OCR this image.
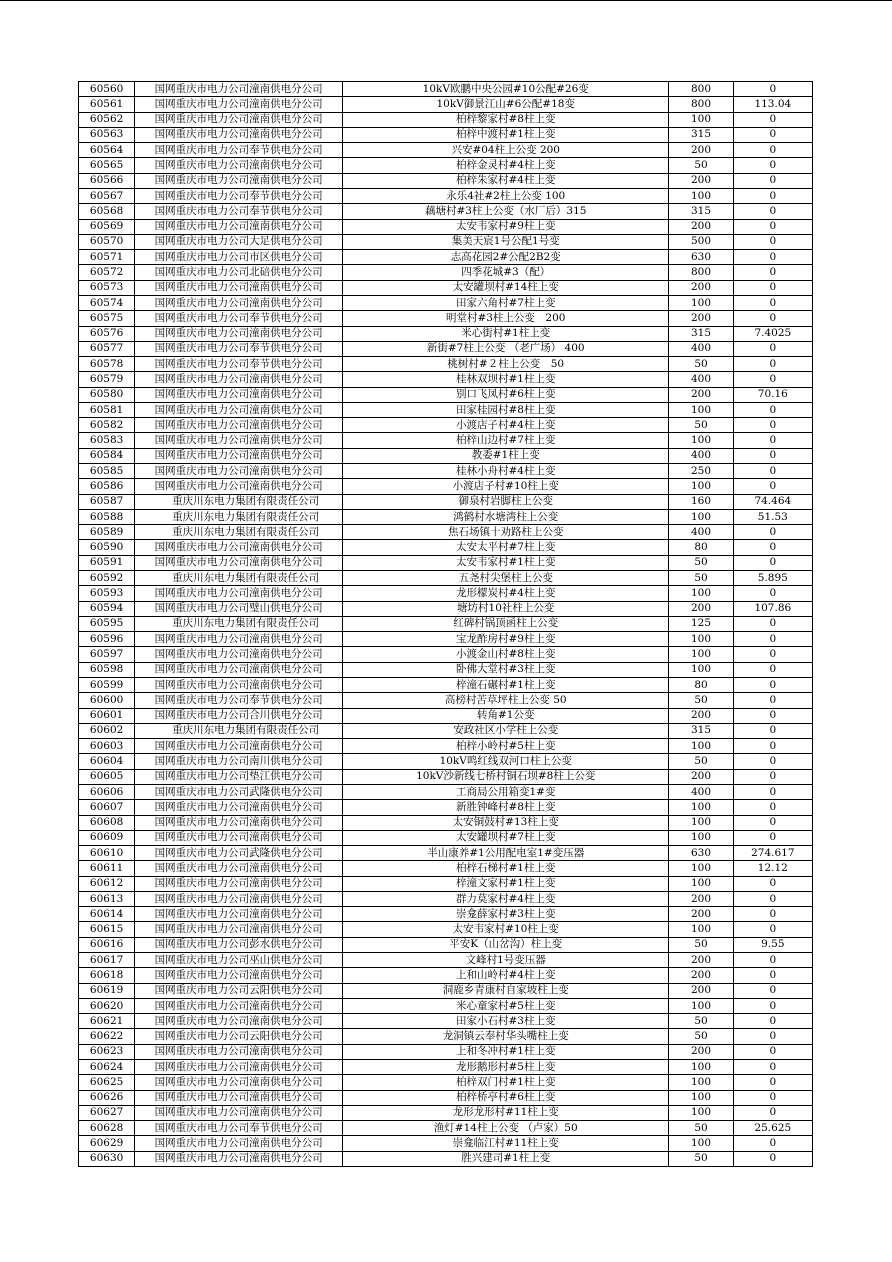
60560	国网重庆市电力公司潼南供电分公司	10kV欧鹏中央公园#10公配#26变	800	0
60561	国网重庆市电力公司潼南供电分公司	10kV御景江山#6公配#18变	800	113.04
60562	国网重庆市电力公司潼南供电分公司	柏梓黎家村#8柱上变	100	0
60563	国网重庆市电力公司潼南供电分公司	柏梓中渡村#1柱上变	315	0
60564	国网重庆市电力公司奉节供电分公司	兴安#04柱上公变 200	200	0
60565	国网重庆市电力公司潼南供电分公司	柏梓金灵村#4柱上变	50	0
60566	国网重庆市电力公司潼南供电分公司	柏梓朱家村#4柱上变	200	0
60567	国网重庆市电力公司奉节供电分公司	永乐4社#2柱上公变 100	100	0
60568	国网重庆市电力公司奉节供电分公司	藕塘村#3柱上公变（水厂后）315	315	0
60569	国网重庆市电力公司潼南供电分公司	太安韦家村#9柱上变	200	0
60570	国网重庆市电力公司大足供电分公司	集美天宸1号公配1号变	500	0
60571	国网重庆市电力公司市区供电分公司	志高花园2#公配2B2变	630	0
60572	国网重庆市电力公司北碚供电分公司	四季花城#3（配）	800	0
60573	国网重庆市电力公司潼南供电分公司	太安罐坝村#14柱上变	200	0
60574	国网重庆市电力公司潼南供电分公司	田家六角村#7柱上变	100	0
60575	国网重庆市电力公司奉节供电分公司	明堂村#3柱上公变　200	200	0
60576	国网重庆市电力公司潼南供电分公司	米心街村#1柱上变	315	7.4025
60577	国网重庆市电力公司奉节供电分公司	新街#7柱上公变 （老广场） 400	400	0
60578	国网重庆市电力公司奉节供电分公司	桃树村#２柱上公变　50	50	0
60579	国网重庆市电力公司潼南供电分公司	桂林双坝村#1柱上变	400	0
60580	国网重庆市电力公司潼南供电分公司	别口飞凤村#6柱上变	200	70.16
60581	国网重庆市电力公司潼南供电分公司	田家桂园村#8柱上变	100	0
60582	国网重庆市电力公司潼南供电分公司	小渡店子村#4柱上变	50	0
60583	国网重庆市电力公司潼南供电分公司	柏梓山边村#7柱上变	100	0
60584	国网重庆市电力公司潼南供电分公司	教委#1柱上变	400	0
60585	国网重庆市电力公司潼南供电分公司	桂林小舟村#4柱上变	250	0
60586	国网重庆市电力公司潼南供电分公司	小渡店子村#10柱上变	100	0
60587	重庆川东电力集团有限责任公司	御泉村岩脚柱上公变	160	74.464
60588	重庆川东电力集团有限责任公司	鸿鹤村水塘湾柱上公变	100	51.53
60589	重庆川东电力集团有限责任公司	焦石场镇十劝路柱上公变	400	0
60590	国网重庆市电力公司潼南供电分公司	太安太平村#7柱上变	80	0
60591	国网重庆市电力公司潼南供电分公司	太安韦家村#1柱上变	50	0
60592	重庆川东电力集团有限责任公司	五尧村尖堡柱上公变	50	5.895
60593	国网重庆市电力公司潼南供电分公司	龙形檬炭村#4柱上变	100	0
60594	国网重庆市电力公司璧山供电分公司	塘坊村10社柱上公变	200	107.86
60595	重庆川东电力集团有限责任公司	红碑村锅顶函柱上公变	125	0
60596	国网重庆市电力公司潼南供电分公司	宝龙酢房村#9柱上变	100	0
60597	国网重庆市电力公司潼南供电分公司	小渡金山村#8柱上变	100	0
60598	国网重庆市电力公司潼南供电分公司	卧佛大堂村#3柱上变	100	0
60599	国网重庆市电力公司潼南供电分公司	梓潼石碾村#1柱上变	80	0
60600	国网重庆市电力公司奉节供电分公司	高榜村苦草坪柱上公变 50	50	0
60601	国网重庆市电力公司合川供电分公司	转角#1公变	200	0
60602	重庆川东电力集团有限责任公司	安政社区小学柱上公变	315	0
60603	国网重庆市电力公司潼南供电分公司	柏梓小岭村#5柱上变	100	0
60604	国网重庆市电力公司南川供电分公司	10kV鸣红线双河口柱上公变	50	0
60605	国网重庆市电力公司垫江供电分公司	10kV沙新线七桥村铜石坝#8柱上公变	200	0
60606	国网重庆市电力公司武隆供电分公司	工商局公用箱变1#变	400	0
60607	国网重庆市电力公司潼南供电分公司	新胜钟峰村#8柱上变	100	0
60608	国网重庆市电力公司潼南供电分公司	太安铜鼓村#13柱上变	100	0
60609	国网重庆市电力公司潼南供电分公司	太安罐坝村#7柱上变	100	0
60610	国网重庆市电力公司武隆供电分公司	半山康养#1公用配电室1#变压器	630	274.617
60611	国网重庆市电力公司潼南供电分公司	柏梓石梯村#1柱上变	100	12.12
60612	国网重庆市电力公司潼南供电分公司	梓潼文家村#1柱上变	100	0
60613	国网重庆市电力公司潼南供电分公司	群力莫家村#4柱上变	200	0
60614	国网重庆市电力公司潼南供电分公司	崇龛薛家村#3柱上变	200	0
60615	国网重庆市电力公司潼南供电分公司	太安韦家村#10柱上变	100	0
60616	国网重庆市电力公司彭水供电分公司	平安K（山岔沟）柱上变	50	9.55
60617	国网重庆市电力公司巫山供电分公司	文峰村1号变压器	200	0
60618	国网重庆市电力公司潼南供电分公司	上和山岭村#4柱上变	200	0
60619	国网重庆市电力公司云阳供电分公司	洞鹿乡青康村自家坡柱上变	200	0
60620	国网重庆市电力公司潼南供电分公司	米心童家村#5柱上变	100	0
60621	国网重庆市电力公司潼南供电分公司	田家小石村#3柱上变	50	0
60622	国网重庆市电力公司云阳供电分公司	龙洞镇云奉村华头嘴柱上变	50	0
60623	国网重庆市电力公司潼南供电分公司	上和冬冲村#1柱上变	200	0
60624	国网重庆市电力公司潼南供电分公司	龙形鹅形村#5柱上变	100	0
60625	国网重庆市电力公司潼南供电分公司	柏梓双门村#1柱上变	100	0
60626	国网重庆市电力公司潼南供电分公司	柏梓桥亭村#6柱上变	100	0
60627	国网重庆市电力公司潼南供电分公司	龙形龙形村#11柱上变	100	0
60628	国网重庆市电力公司奉节供电分公司	渔灯#14柱上公变 （卢家）50	50	25.625
60629	国网重庆市电力公司潼南供电分公司	崇龛临江村#11柱上变	100	0
60630	国网重庆市电力公司潼南供电分公司	胜兴建司#1柱上变	50	0
